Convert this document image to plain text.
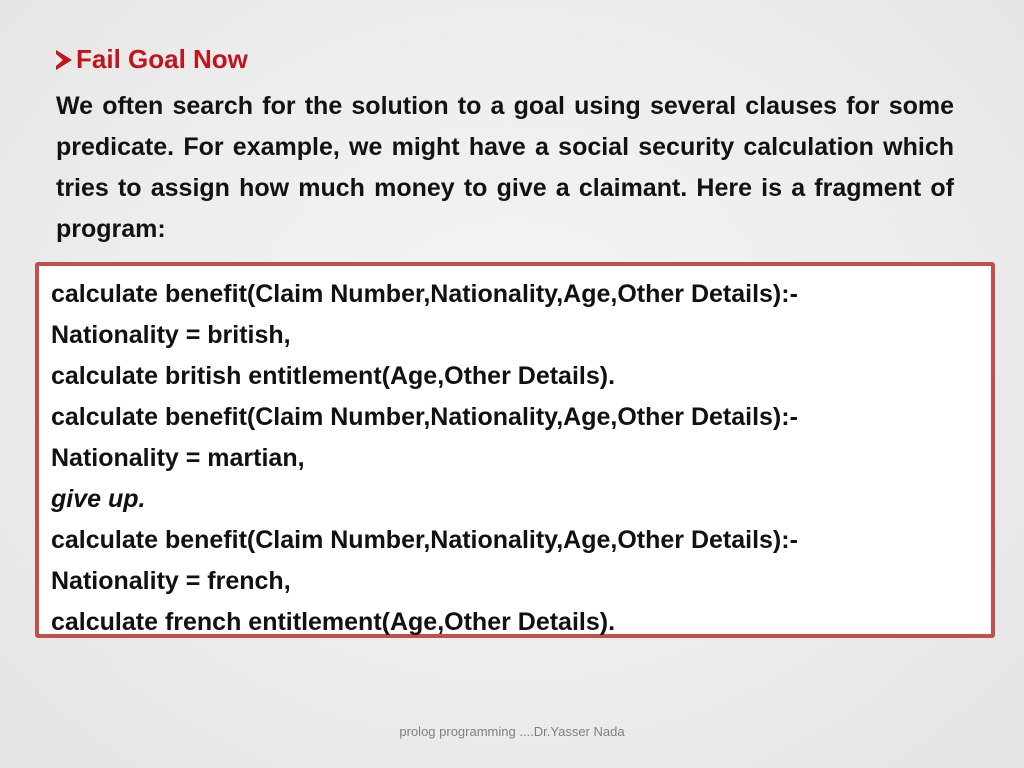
Fail Goal Now

We often search for the solution to a goal using several clauses for some predicate. For example, we might have a social security calculation which tries to assign how much money to give a claimant. Here is a fragment of program:

calculate benefit(Claim Number,Nationality,Age,Other Details):-
Nationality = british,
calculate british entitlement(Age,Other Details).
calculate benefit(Claim Number,Nationality,Age,Other Details):-
Nationality = martian,
give up.
calculate benefit(Claim Number,Nationality,Age,Other Details):-
Nationality = french,
calculate french entitlement(Age,Other Details).
prolog programming ....Dr.Yasser Nada
